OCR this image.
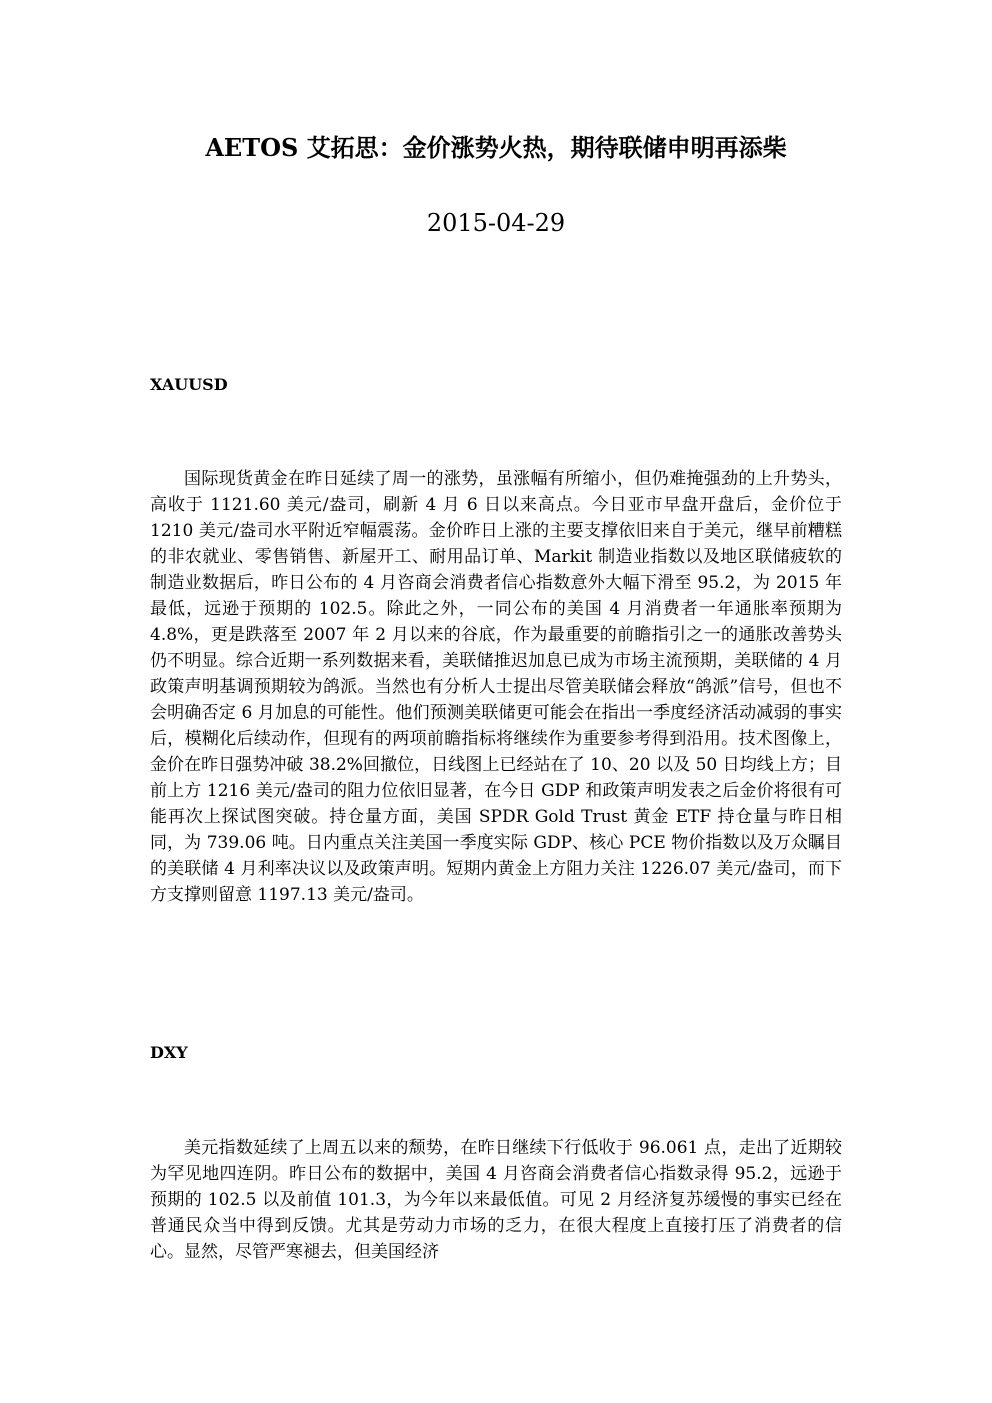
AETOS 艾拓思：金价涨势火热，期待联储申明再添柴
2015-04-29
XAUUSD

国际现货黄金在昨日延续了周一的涨势，虽涨幅有所缩小，但仍难掩强劲的上升势头，高收于 1121.60 美元/盎司，刷新 4 月 6 日以来高点。今日亚市早盘开盘后，金价位于 1210 美元/盎司水平附近窄幅震荡。金价昨日上涨的主要支撑依旧来自于美元，继早前糟糕的非农就业、零售销售、新屋开工、耐用品订单、Markit 制造业指数以及地区联储疲软的制造业数据后，昨日公布的 4 月咨商会消费者信心指数意外大幅下滑至 95.2，为 2015 年最低，远逊于预期的 102.5。除此之外，一同公布的美国 4 月消费者一年通胀率预期为 4.8%，更是跌落至 2007 年 2 月以来的谷底，作为最重要的前瞻指引之一的通胀改善势头仍不明显。综合近期一系列数据来看，美联储推迟加息已成为市场主流预期，美联储的 4 月政策声明基调预期较为鸽派。当然也有分析人士提出尽管美联储会释放“鸽派”信号，但也不会明确否定 6 月加息的可能性。他们预测美联储更可能会在指出一季度经济活动减弱的事实后，模糊化后续动作，但现有的两项前瞻指标将继续作为重要参考得到沿用。技术图像上，金价在昨日强势冲破 38.2%回撤位，日线图上已经站在了 10、20 以及 50 日均线上方；目前上方 1216 美元/盎司的阻力位依旧显著，在今日 GDP 和政策声明发表之后金价将很有可能再次上探试图突破。持仓量方面，美国 SPDR Gold Trust 黄金 ETF 持仓量与昨日相同，为 739.06 吨。日内重点关注美国一季度实际 GDP、核心 PCE 物价指数以及万众瞩目的美联储 4 月利率决议以及政策声明。短期内黄金上方阻力关注 1226.07 美元/盎司，而下方支撑则留意 1197.13 美元/盎司。

DXY

美元指数延续了上周五以来的颓势，在昨日继续下行低收于 96.061 点，走出了近期较为罕见地四连阴。昨日公布的数据中，美国 4 月咨商会消费者信心指数录得 95.2，远逊于预期的 102.5 以及前值 101.3，为今年以来最低值。可见 2 月经济复苏缓慢的事实已经在普通民众当中得到反馈。尤其是劳动力市场的乏力，在很大程度上直接打压了消费者的信心。显然，尽管严寒褪去，但美国经济
